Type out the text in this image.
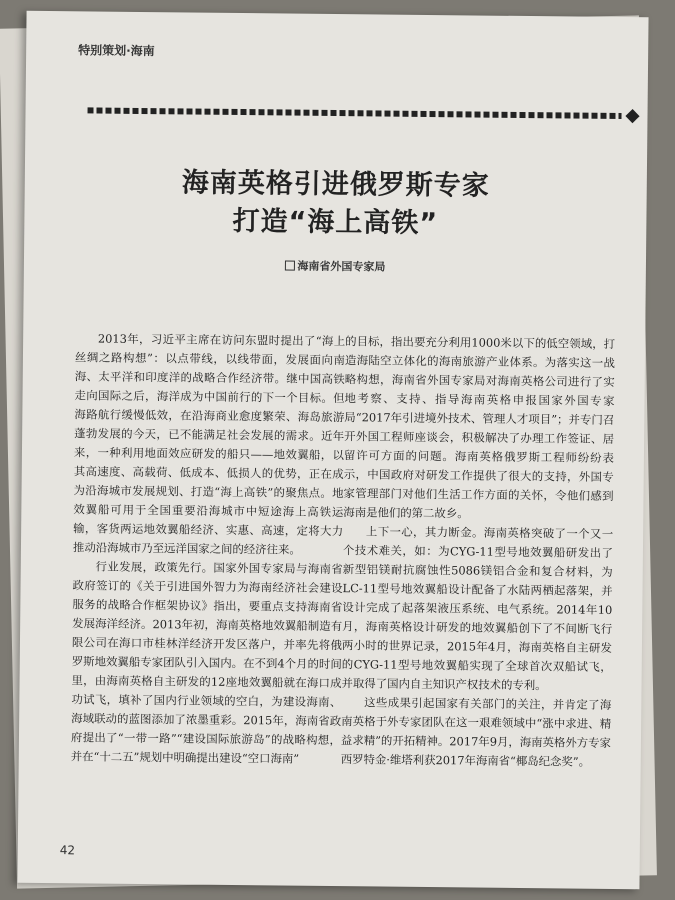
特别策划·海南
海南英格引进俄罗斯专家
打造“海上高铁”
海南省外国专家局

2013年，习近平主席在访问东盟时提出了“海上丝绸之路构想”：以点带线，以线带面，发展面向南海、太平洋和印度洋的战略合作经济带。继中国高铁走向国际之后，海洋成为中国前行的下一个目标。但海路航行缓慢低效，在沿海商业愈度繁荣、海岛旅游蓬勃发展的今天，已不能满足社会发展的需求。近年来，一种利用地面效应研发的船只——地效翼船，以其高速度、高载荷、低成本、低损人的优势，正在成为沿海城市发展规划、打造“海上高铁”的聚焦点。地效翼船可用于全国重要沿海城市中短途海上高铁运输，客货两运地效翼船经济、实惠、高速，定将大力推动沿海城市乃至远洋国家之间的经济往来。

行业发展，政策先行。国家外国专家局与海南省政府签订的《关于引进国外智力为海南经济社会建设服务的战略合作框架协议》指出，要重点支持海南省发展海洋经济。2013年初，海南英格地效翼船制造有限公司在海口市桂林洋经济开发区落户，并率先将俄罗斯地效翼船专家团队引入国内。在不到4个月的时间里，由海南英格自主研发的12座地效翼船就在海口成功试飞，填补了国内行业领域的空白，为建设海南、海域联动的蓝图添加了浓墨重彩。2015年，海南省政府提出了“一带一路”“建设国际旅游岛”的战略构想，并在“十二五”规划中明确提出建设“空口海南”

的目标，指出要充分利用1000米以下的低空领域，打造海陆空立体化的海南旅游产业体系。为落实这一战略构想，海南省外国专家局对海南英格公司进行了实地考察、支持、指导海南英格申报国家外国专家局“2017年引进境外技术、管理人才项目”；并专门召开外国工程师座谈会，积极解决了办理工作签证、居留许可方面的问题。海南英格俄罗斯工程师纷纷表示，中国政府对研发工作提供了很大的支持，外国专家管理部门对他们生活工作方面的关怀，令他们感到海南是他们的第二故乡。

上下一心，其力断金。海南英格突破了一个又一个技术难关，如：为CYG-11型号地效翼船研发出了新型铝镁耐抗腐蚀性5086镁铝合金和复合材料，为LC-11型号地效翼船设计配备了水陆两栖起落架，并设计完成了起落架液压系统、电气系统。2014年10月，海南英格设计研发的地效翼船创下了不间断飞行两小时的世界记录，2015年4月，海南英格自主研发的CYG-11型号地效翼船实现了全球首次双船试飞，并取得了国内自主知识产权技术的专利。

这些成果引起国家有关部门的关注，并肯定了海南英格于外专家团队在这一艰难领域中“涨中求进、精益求精”的开拓精神。2017年9月，海南英格外方专家西罗特金·维塔利获2017年海南省“椰岛纪念奖”。

42
